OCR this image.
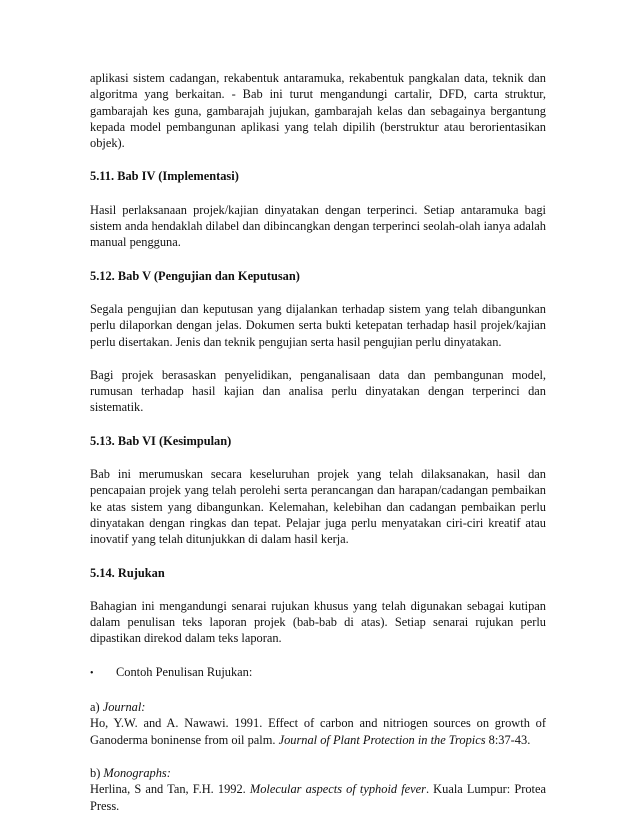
aplikasi sistem cadangan, rekabentuk antaramuka, rekabentuk pangkalan data, teknik dan algoritma yang berkaitan. - Bab ini turut mengandungi cartalir, DFD, carta struktur, gambarajah kes guna, gambarajah jujukan, gambarajah kelas dan sebagainya bergantung kepada model pembangunan aplikasi yang telah dipilih (berstruktur atau berorientasikan objek).

5.11. Bab IV (Implementasi)

Hasil perlaksanaan projek/kajian dinyatakan dengan terperinci. Setiap antaramuka bagi sistem anda hendaklah dilabel dan dibincangkan dengan terperinci seolah-olah ianya adalah manual pengguna.

5.12. Bab V (Pengujian dan Keputusan)

Segala pengujian dan keputusan yang dijalankan terhadap sistem yang telah dibangunkan perlu dilaporkan dengan jelas. Dokumen serta bukti ketepatan terhadap hasil projek/kajian perlu disertakan. Jenis dan teknik pengujian serta hasil pengujian perlu dinyatakan.

Bagi projek berasaskan penyelidikan, penganalisaan data dan pembangunan model, rumusan terhadap hasil kajian dan analisa perlu dinyatakan dengan terperinci dan sistematik.

5.13. Bab VI (Kesimpulan)

Bab ini merumuskan secara keseluruhan projek yang telah dilaksanakan, hasil dan pencapaian projek yang telah perolehi serta perancangan dan harapan/cadangan pembaikan ke atas sistem yang dibangunkan. Kelemahan, kelebihan dan cadangan pembaikan perlu dinyatakan dengan ringkas dan tepat. Pelajar juga perlu menyatakan ciri-ciri kreatif atau inovatif yang telah ditunjukkan di dalam hasil kerja.

5.14. Rujukan

Bahagian ini mengandungi senarai rujukan khusus yang telah digunakan sebagai kutipan dalam penulisan teks laporan projek (bab-bab di atas). Setiap senarai rujukan perlu dipastikan direkod dalam teks laporan.

•	Contoh Penulisan Rujukan:

a) Journal:

Ho, Y.W. and A. Nawawi. 1991. Effect of carbon and nitriogen sources on growth of Ganoderma boninense from oil palm. Journal of Plant Protection in the Tropics 8:37-43.

b) Monographs:

Herlina, S and Tan, F.H. 1992. Molecular aspects of typhoid fever. Kuala Lumpur: Protea Press.
